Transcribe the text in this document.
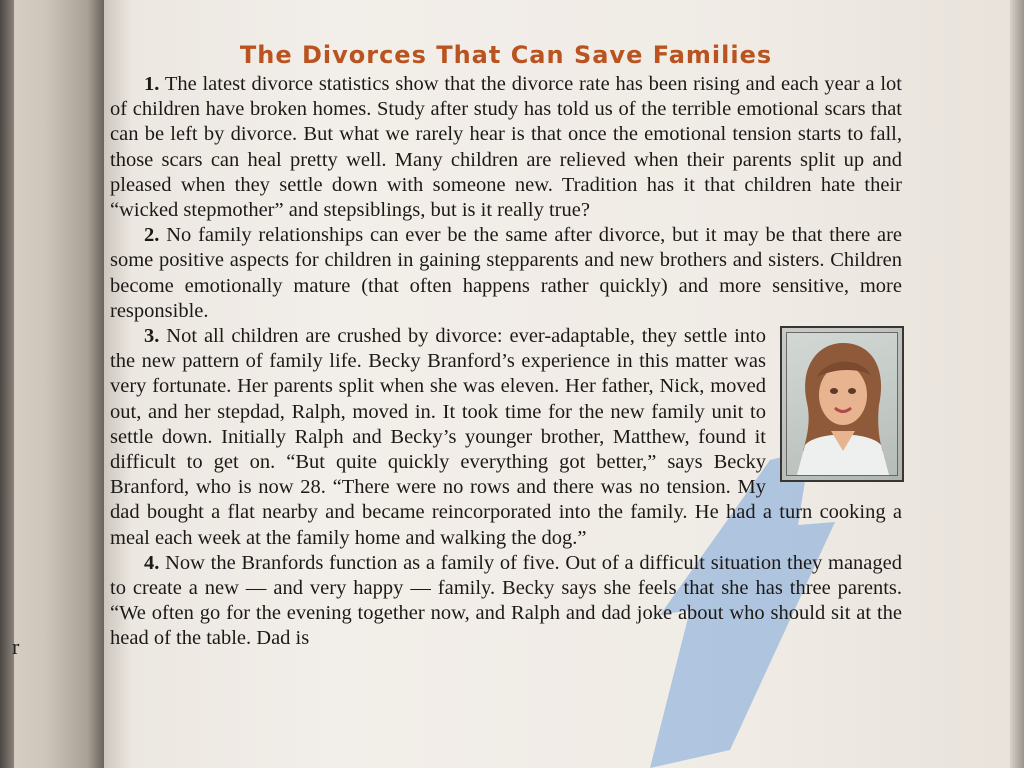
r
The Divorces That Can Save Families

1. The latest divorce statistics show that the divorce rate has been rising and each year a lot of children have broken homes. Study after study has told us of the terrible emotional scars that can be left by divorce. But what we rarely hear is that once the emotional tension starts to fall, those scars can heal pretty well. Many children are relieved when their parents split up and pleased when they settle down with someone new. Tradition has it that children hate their “wicked stepmother” and stepsiblings, but is it really true?

2. No family relationships can ever be the same after divorce, but it may be that there are some positive aspects for children in gaining stepparents and new brothers and sisters. Children become emotionally mature (that often happens rather quickly) and more sensitive, more responsible.

3. Not all children are crushed by divorce: ever-adaptable, they settle into the new pattern of family life. Becky Branford’s experience in this matter was very fortunate. Her parents split when she was eleven. Her father, Nick, moved out, and her stepdad, Ralph, moved in. It took time for the new family unit to settle down. Initially Ralph and Becky’s younger brother, Matthew, found it difficult to get on. “But quite quickly everything got better,” says Becky Branford, who is now 28. “There were no rows and there was no tension. My dad bought a flat nearby and became reincorporated into the family. He had a turn cooking a meal each week at the family home and walking the dog.”

4. Now the Branfords function as a family of five. Out of a difficult situation they managed to create a new — and very happy — family. Becky says she feels that she has three parents. “We often go for the evening together now, and Ralph and dad joke about who should sit at the head of the table. Dad is
